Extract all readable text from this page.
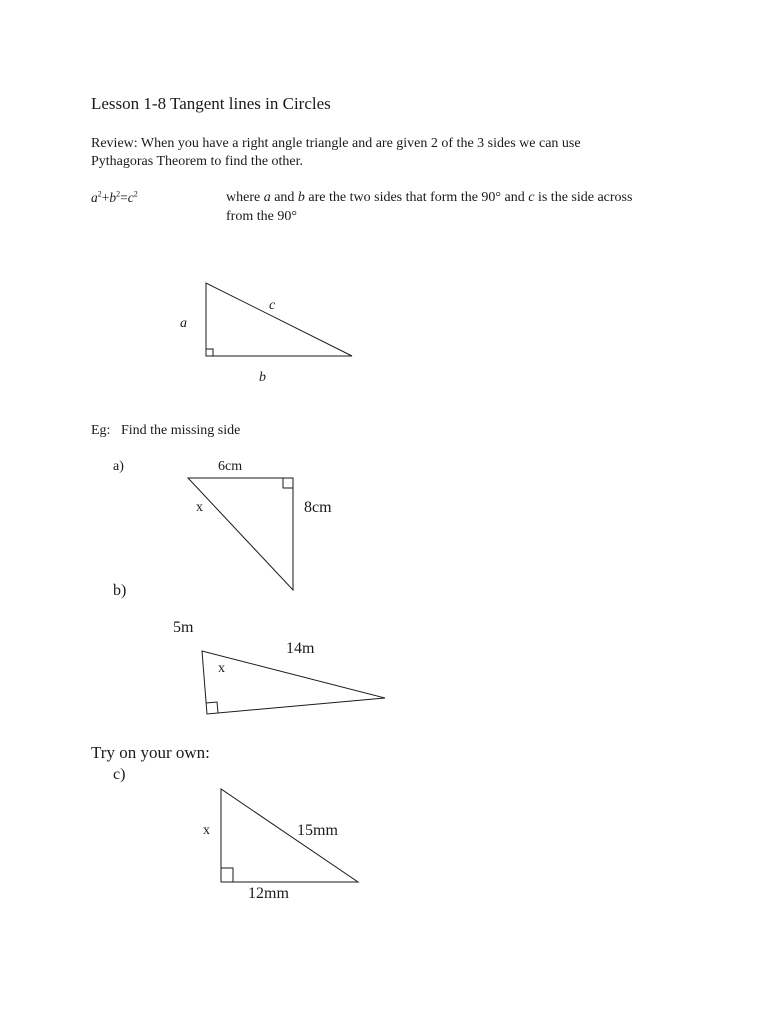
Lesson 1-8 Tangent lines in Circles
Review: When you have a right angle triangle and are given 2 of the 3 sides we can use
Pythagoras Theorem to find the other.
$a^2+b^2=c^2$	where a and b are the two sides that form the 90° and c is the side across
from the 90°
a
c
b
Eg:   Find the missing side
a)	6cm
8cm
x
b)
5m
14m
x
Try on your own:
c)
x	15mm
12mm
